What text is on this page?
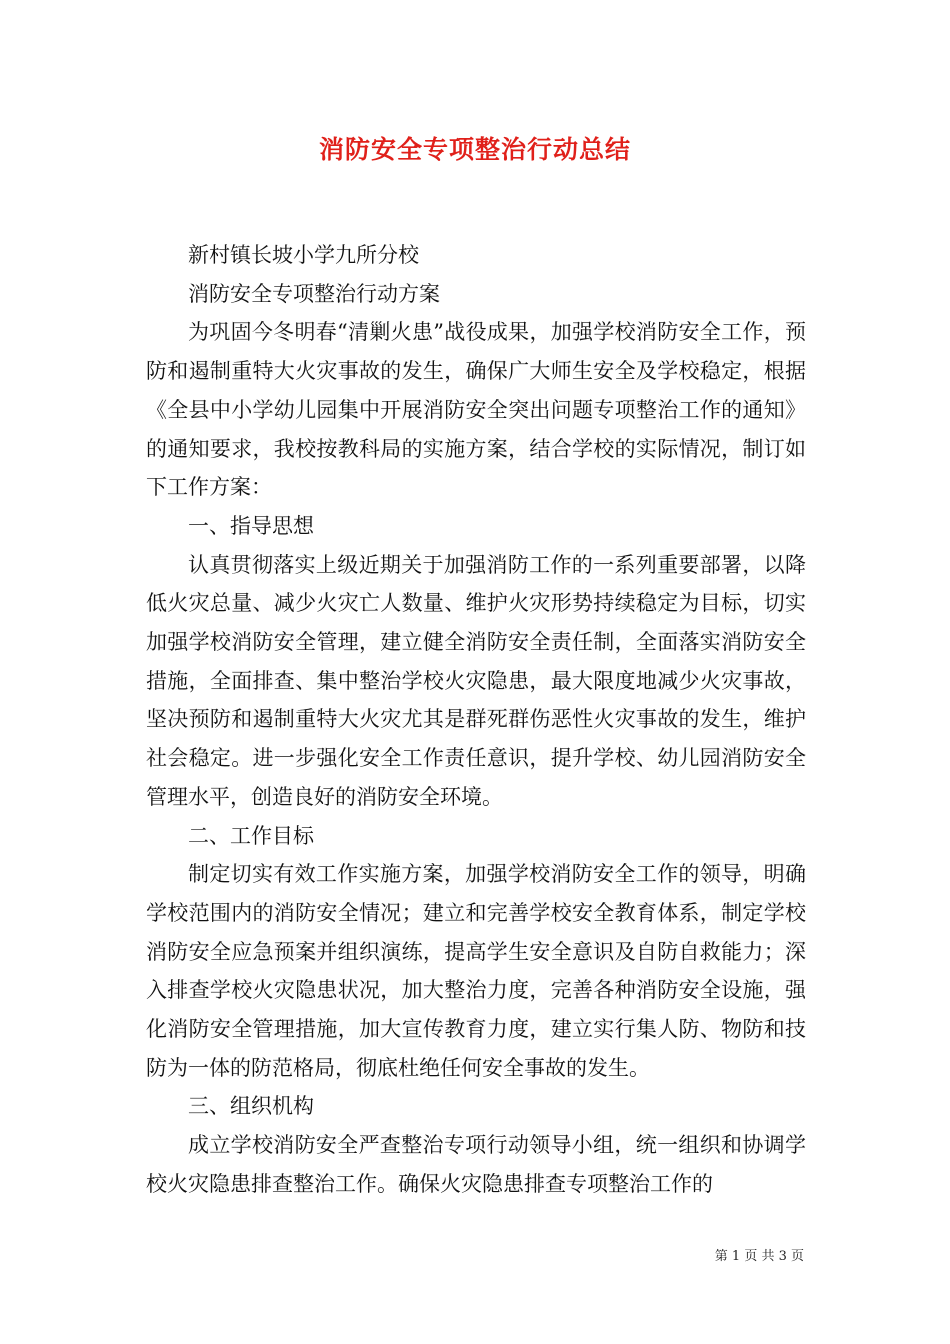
消防安全专项整治行动总结

新村镇长坡小学九所分校

消防安全专项整治行动方案

为巩固今冬明春“清剿火患”战役成果，加强学校消防安全工作，预防和遏制重特大火灾事故的发生，确保广大师生安全及学校稳定，根据《全县中小学幼儿园集中开展消防安全突出问题专项整治工作的通知》的通知要求，我校按教科局的实施方案，结合学校的实际情况，制订如下工作方案：

一、指导思想

认真贯彻落实上级近期关于加强消防工作的一系列重要部署，以降低火灾总量、减少火灾亡人数量、维护火灾形势持续稳定为目标，切实加强学校消防安全管理，建立健全消防安全责任制，全面落实消防安全措施，全面排查、集中整治学校火灾隐患，最大限度地减少火灾事故，坚决预防和遏制重特大火灾尤其是群死群伤恶性火灾事故的发生，维护社会稳定。进一步强化安全工作责任意识，提升学校、幼儿园消防安全管理水平，创造良好的消防安全环境。

二、工作目标

制定切实有效工作实施方案，加强学校消防安全工作的领导，明确学校范围内的消防安全情况；建立和完善学校安全教育体系，制定学校消防安全应急预案并组织演练，提高学生安全意识及自防自救能力；深入排查学校火灾隐患状况，加大整治力度，完善各种消防安全设施，强化消防安全管理措施，加大宣传教育力度，建立实行集人防、物防和技防为一体的防范格局，彻底杜绝任何安全事故的发生。

三、组织机构

成立学校消防安全严查整治专项行动领导小组，统一组织和协调学校火灾隐患排查整治工作。确保火灾隐患排查专项整治工作的

第 1 页 共 3 页
